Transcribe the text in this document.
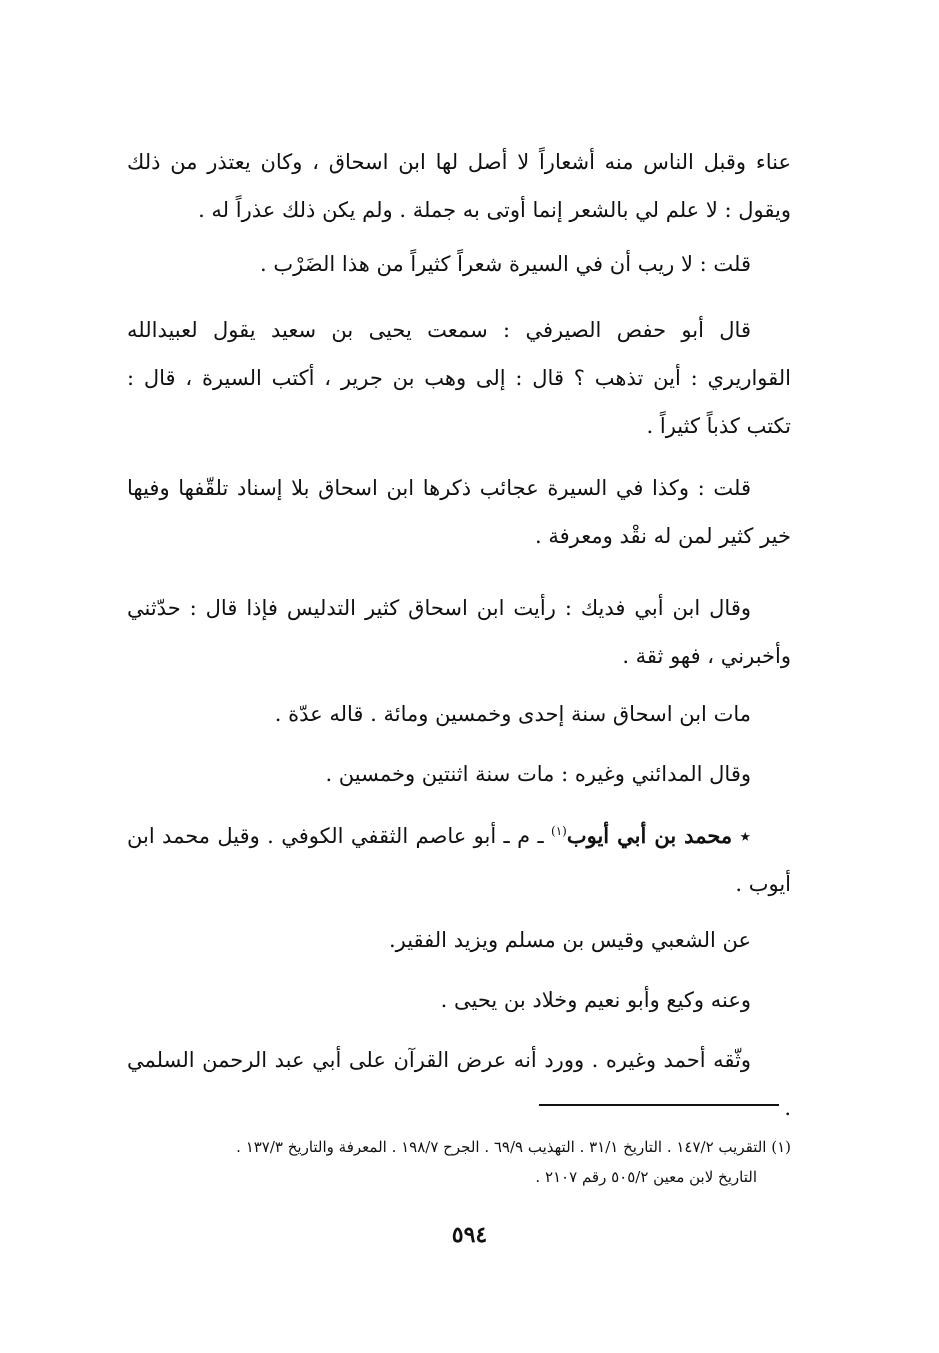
عناء وقبل الناس منه أشعاراً لا أصل لها ابن اسحاق ، وكان يعتذر من ذلك ويقول : لا علم لي بالشعر إنما أوتى به جملة . ولم يكن ذلك عذراً له .

قلت : لا ريب أن في السيرة شعراً كثيراً من هذا الضَرْب .

قال أبو حفص الصيرفي : سمعت يحيى بن سعيد يقول لعبيدالله القواريري : أين تذهب ؟ قال : إلى وهب بن جرير ، أكتب السيرة ، قال : تكتب كذباً كثيراً .

قلت : وكذا في السيرة عجائب ذكرها ابن اسحاق بلا إسناد تلقّفها وفيها خير كثير لمن له نقْد ومعرفة .

وقال ابن أبي فديك : رأيت ابن اسحاق كثير التدليس فإذا قال : حدّثني وأخبرني ، فهو ثقة .

مات ابن اسحاق سنة إحدى وخمسين ومائة . قاله عدّة .

وقال المدائني وغيره : مات سنة اثنتين وخمسين .

٭ محمد بن أبي أيوب$^{(١)}$ ـ م ـ أبو عاصم الثقفي الكوفي . وقيل محمد ابن أيوب .

عن الشعبي وقيس بن مسلم ويزيد الفقير.

وعنه وكيع وأبو نعيم وخلاد بن يحيى .

وثّقه أحمد وغيره . وورد أنه عرض القرآن على أبي عبد الرحمن السلمي .

(١) التقريب ١٤٧/٢ . التاريخ ٣١/١ . التهذيب ٦٩/٩ . الجرح ١٩٨/٧ . المعرفة والتاريخ ١٣٧/٣ .
التاريخ لابن معين ٥٠٥/٢ رقم ٢١٠٧ .
٥٩٤
